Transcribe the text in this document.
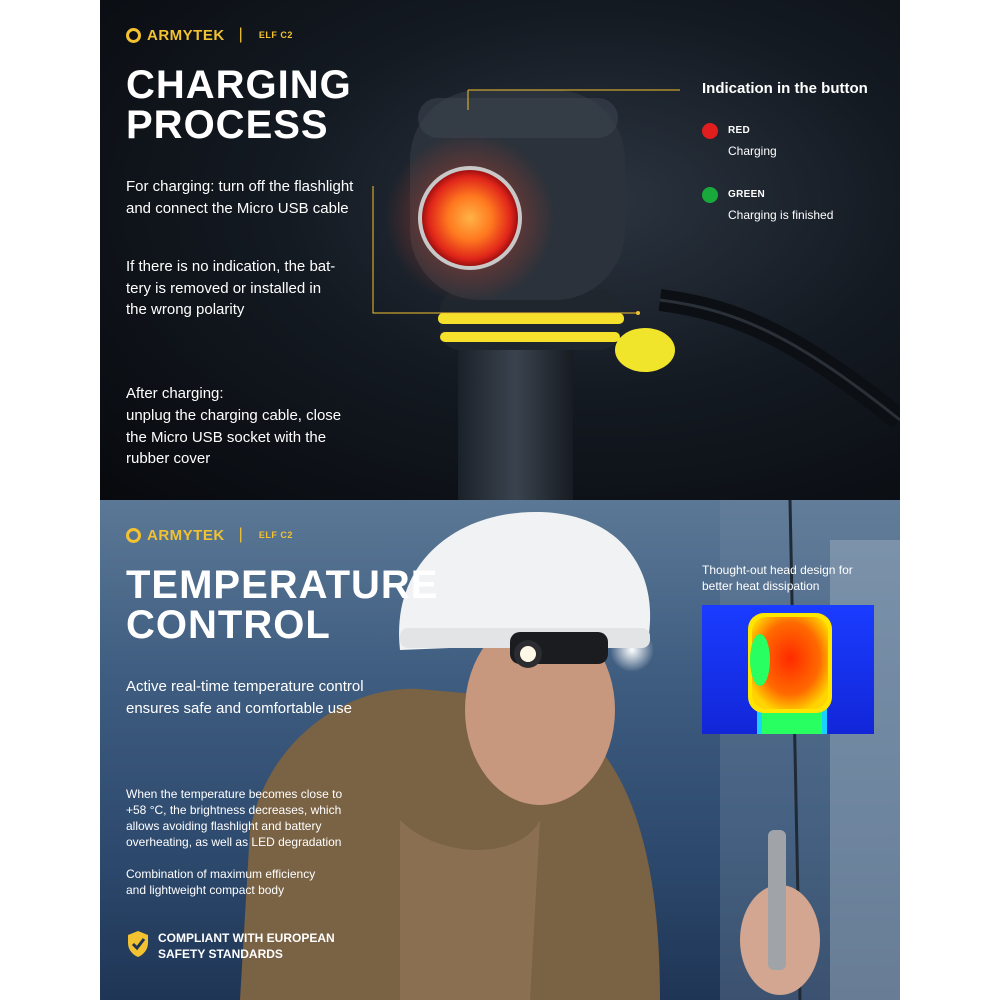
ARMYTEK | ELF C2
CHARGING
PROCESS
For charging: turn off the flashlight and connect the Micro USB cable
If there is no indication, the bat- tery is removed or installed in the wrong polarity
After charging:
unplug the charging cable, close the Micro USB socket with the rubber cover
Indication in the button
RED
Charging
GREEN
Charging is finished
ARMYTEK | ELF C2
TEMPERATURE
CONTROL
Active real-time temperature control ensures safe and comfortable use
When the temperature becomes close to +58 °C, the brightness decreases, which allows avoiding flashlight and battery overheating, as well as LED degradation
Combination of maximum efficiency and lightweight compact body
COMPLIANT WITH EUROPEAN SAFETY STANDARDS
Thought-out head design for better heat dissipation
